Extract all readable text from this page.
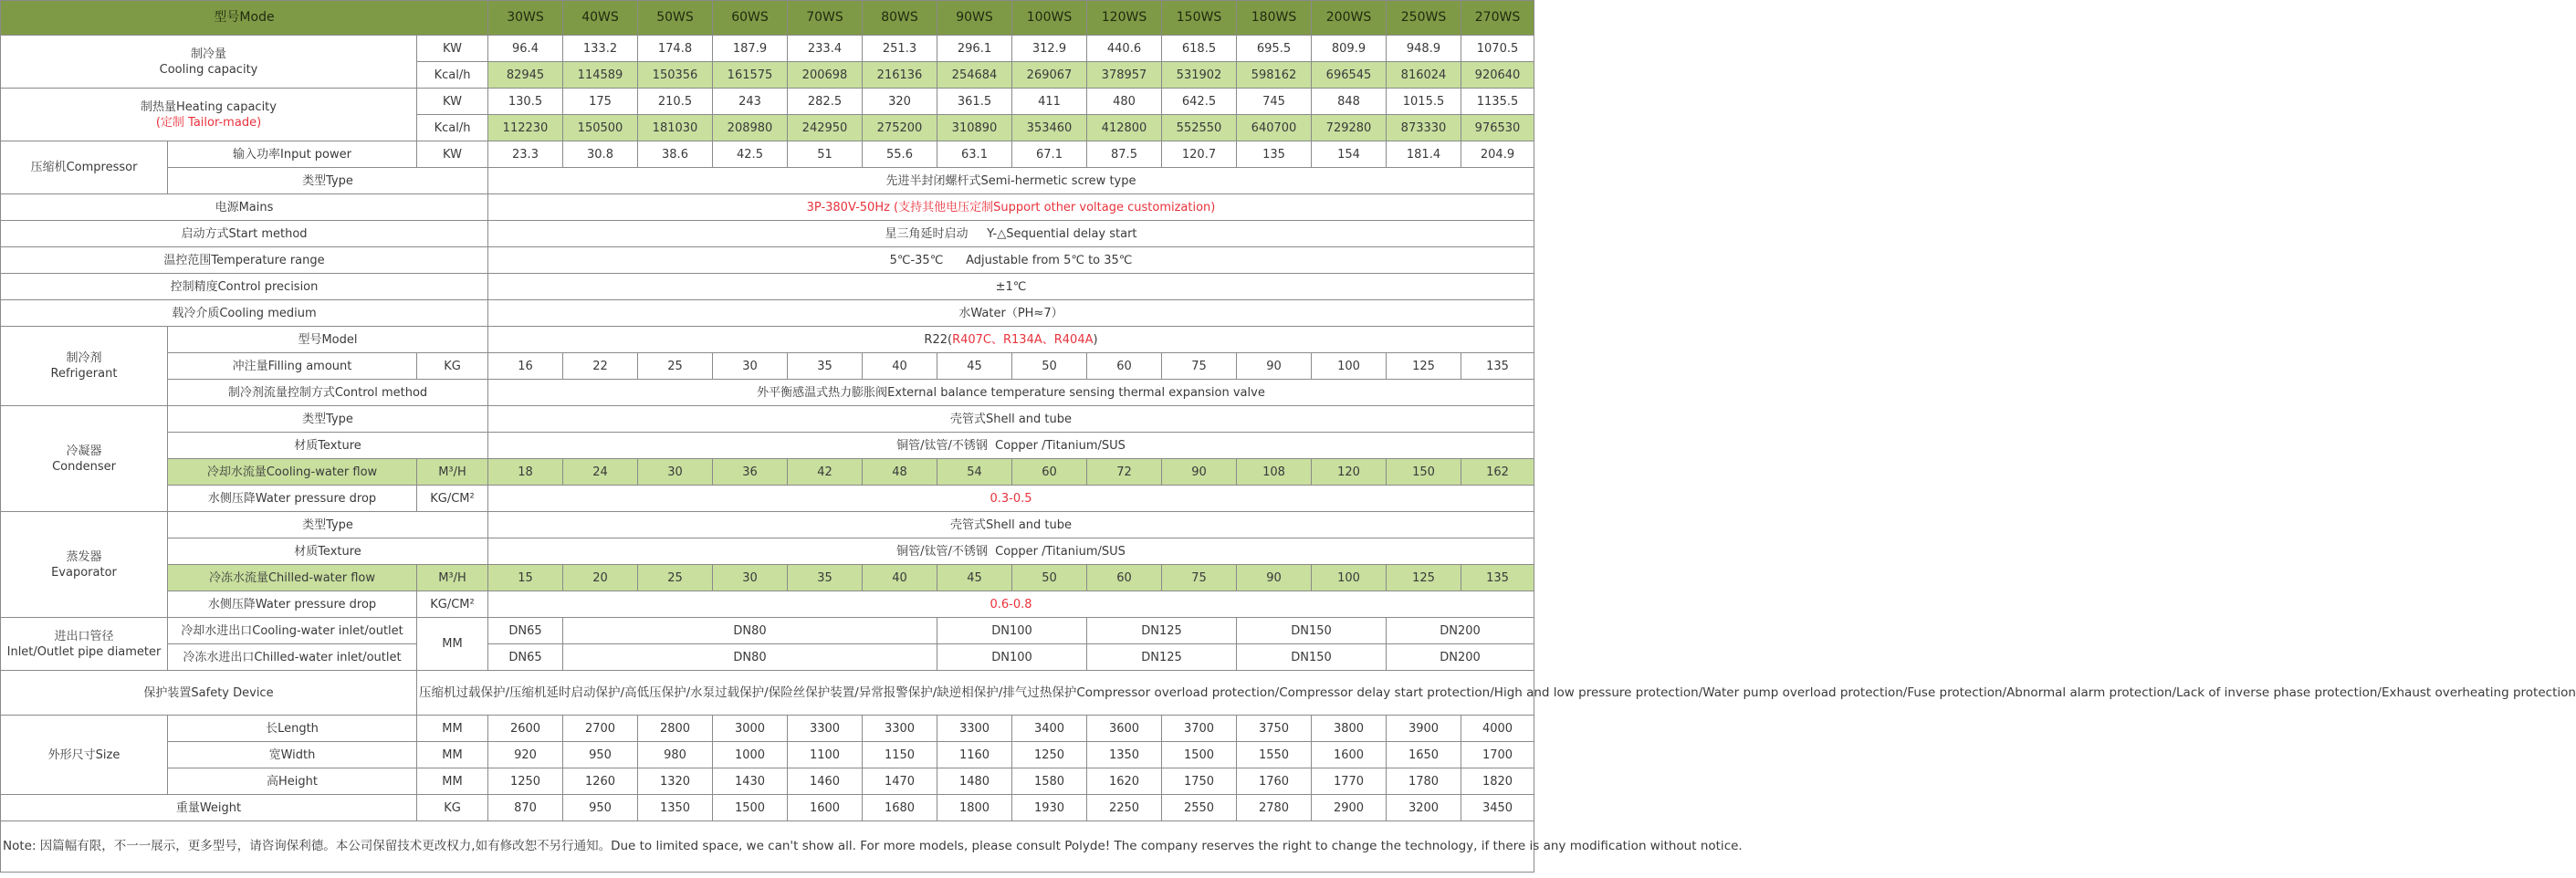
型号Mode			30WS	40WS	50WS	60WS	70WS	80WS	90WS	100WS	120WS	150WS	180WS	200WS	250WS	270WS
制冷量
Cooling capacity		KW	96.4	133.2	174.8	187.9	233.4	251.3	296.1	312.9	440.6	618.5	695.5	809.9	948.9	1070.5
		Kcal/h	82945	114589	150356	161575	200698	216136	254684	269067	378957	531902	598162	696545	816024	920640
制热量Heating capacity
(定制 Tailor-made)		KW	130.5	175	210.5	243	282.5	320	361.5	411	480	642.5	745	848	1015.5	1135.5
		Kcal/h	112230	150500	181030	208980	242950	275200	310890	353460	412800	552550	640700	729280	873330	976530
压缩机Compressor	输入功率Input power	KW	23.3	30.8	38.6	42.5	51	55.6	63.1	67.1	87.5	120.7	135	154	181.4	204.9
	类型Type		先进半封闭螺杆式Semi-hermetic screw type													
电源Mains			3P-380V-50Hz (支持其他电压定制Support other voltage customization)													
启动方式Start method			星三角延时启动     Y-△Sequential delay start													
温控范围Temperature range			5℃-35℃      Adjustable from 5℃ to 35℃													
控制精度Control precision			±1℃													
载冷介质Cooling medium			水Water（PH≈7）													
制冷剂
Refrigerant	型号Model		R22(R407C、R134A、R404A)													
	冲注量Filling amount	KG	16	22	25	30	35	40	45	50	60	75	90	100	125	135
	制冷剂流量控制方式Control method		外平衡感温式热力膨胀阀External balance temperature sensing thermal expansion valve													
冷凝器
Condenser	类型Type		壳管式Shell and tube													
	材质Texture		铜管/钛管/不锈钢  Copper /Titanium/SUS													
	冷却水流量Cooling-water flow	M³/H	18	24	30	36	42	48	54	60	72	90	108	120	150	162
	水侧压降Water pressure drop	KG/CM²	0.3-0.5													
蒸发器
Evaporator	类型Type		壳管式Shell and tube													
	材质Texture		铜管/钛管/不锈钢  Copper /Titanium/SUS													
	冷冻水流量Chilled-water flow	M³/H	15	20	25	30	35	40	45	50	60	75	90	100	125	135
	水侧压降Water pressure drop	KG/CM²	0.6-0.8													
进出口管径
Inlet/Outlet pipe diameter	冷却水进出口Cooling-water inlet/outlet	MM	DN65	DN80					DN100		DN125		DN150		DN200	
	冷冻水进出口Chilled-water inlet/outlet		DN65	DN80					DN100		DN125		DN150		DN200	
保护装置Safety Device		压缩机过载保护/压缩机延时启动保护/高低压保护/水泵过载保护/保险丝保护装置/异常报警保护/缺逆相保护/排气过热保护Compressor overload protection/Compressor delay start protection/High and low pressure protection/Water pump overload protection/Fuse protection/Abnormal alarm protection/Lack of inverse phase protection/Exhaust overheating protection														
外形尺寸Size	长Length	MM	2600	2700	2800	3000	3300	3300	3300	3400	3600	3700	3750	3800	3900	4000
	宽Width	MM	920	950	980	1000	1100	1150	1160	1250	1350	1500	1550	1600	1650	1700
	高Height	MM	1250	1260	1320	1430	1460	1470	1480	1580	1620	1750	1760	1770	1780	1820
重量Weight		KG	870	950	1350	1500	1600	1680	1800	1930	2250	2550	2780	2900	3200	3450
Note: 因篇幅有限，不一一展示，更多型号，请咨询保利德。本公司保留技术更改权力,如有修改恕不另行通知。Due to limited space, we can't show all. For more models, please consult Polyde! The company reserves the right to change the technology, if there is any modification without notice.																
